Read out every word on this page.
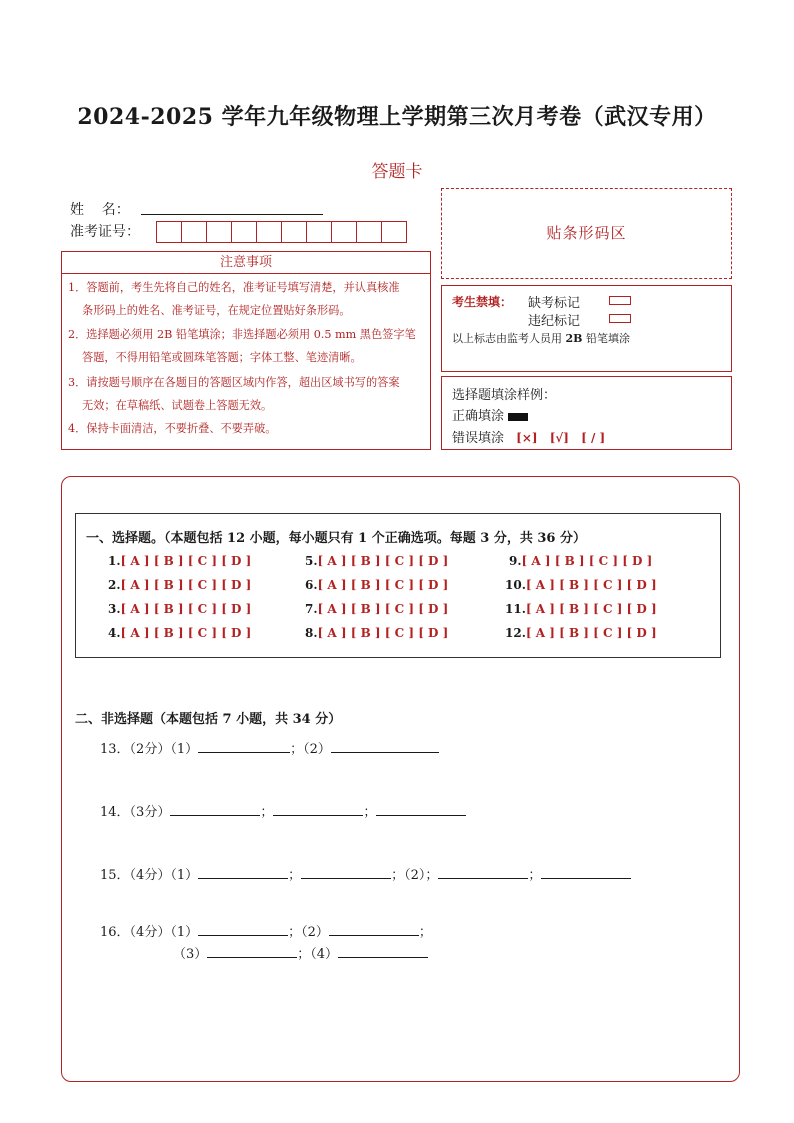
2024-2025 学年九年级物理上学期第三次月考卷（武汉专用）
答题卡
姓    名：
准考证号：	贴条形码区
注意事项
1．答题前，考生先将自己的姓名，准考证号填写清楚，并认真核准
条形码上的姓名、准考证号，在规定位置贴好条形码。
2．选择题必须用 2B 铅笔填涂；非选择题必须用 0.5 mm 黑色签字笔
答题，不得用铅笔或圆珠笔答题；字体工整、笔迹清晰。
3．请按题号顺序在各题目的答题区域内作答，超出区域书写的答案
无效；在草稿纸、试题卷上答题无效。
4．保持卡面清洁，不要折叠、不要弄破。
考生禁填： 缺考标记
违纪标记
以上标志由监考人员用 2B 铅笔填涂
选择题填涂样例：
正确填涂
错误填涂 [×] [√] [ / ]
一、选择题。（本题包括 12 小题，每小题只有 1 个正确选项。每题 3 分，共 36 分）
1.[ A ] [ B ] [ C ] [ D ]
2.[ A ] [ B ] [ C ] [ D ]
3.[ A ] [ B ] [ C ] [ D ]
4.[ A ] [ B ] [ C ] [ D ]
5.[ A ] [ B ] [ C ] [ D ]
6.[ A ] [ B ] [ C ] [ D ]
7.[ A ] [ B ] [ C ] [ D ]
8.[ A ] [ B ] [ C ] [ D ]
9.[ A ] [ B ] [ C ] [ D ]
10.[ A ] [ B ] [ C ] [ D ]
11.[ A ] [ B ] [ C ] [ D ]
12.[ A ] [ B ] [ C ] [ D ]
二、非选择题（本题包括 7 小题，共 34 分）
13．（2分）（1）	；（2）
14．（3分）	；	；
15．（4分）（1）	；	；（2）；	；
16．（4分）（1）	；（2）	；
（3）	；（4）
